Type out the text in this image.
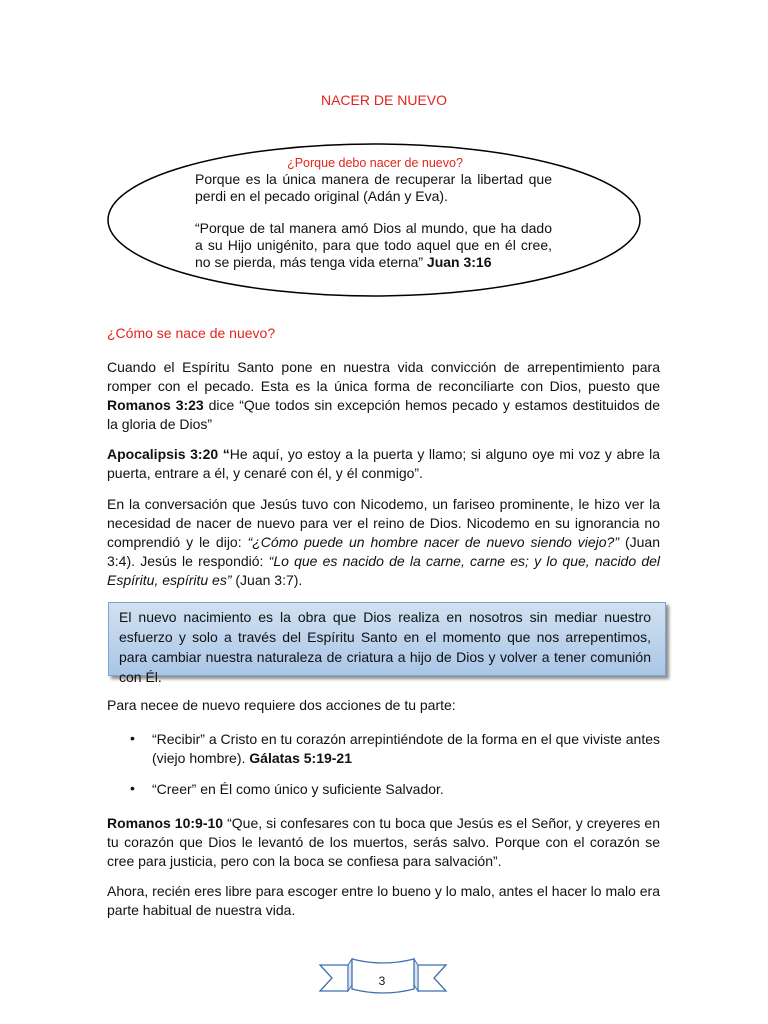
NACER DE NUEVO
¿Porque debo nacer de nuevo?
Porque es la única manera de recuperar la libertad que perdi en el pecado original (Adán y Eva).
“Porque de tal manera amó Dios al mundo, que ha dado a su Hijo unigénito, para que todo aquel que en él cree, no se pierda, más tenga vida eterna” Juan 3:16
¿Cómo se nace de nuevo?
Cuando el Espíritu Santo pone en nuestra vida convicción de arrepentimiento para romper con el pecado. Esta es la única forma de reconciliarte con Dios, puesto que Romanos 3:23 dice “Que todos sin excepción hemos pecado y estamos destituidos de la gloria de Dios”
Apocalipsis 3:20 “He aquí, yo estoy a la puerta y llamo; si alguno oye mi voz y abre la puerta, entrare a él, y cenaré con él, y él conmigo”.
En la conversación que Jesús tuvo con Nicodemo, un fariseo prominente, le hizo ver la necesidad de nacer de nuevo para ver el reino de Dios. Nicodemo en su ignorancia no comprendió y le dijo: “¿Cómo puede un hombre nacer de nuevo siendo viejo?” (Juan 3:4). Jesús le respondió: “Lo que es nacido de la carne, carne es; y lo que, nacido del Espíritu, espíritu es” (Juan 3:7).
El nuevo nacimiento es la obra que Dios realiza en nosotros sin mediar nuestro esfuerzo y solo a través del Espíritu Santo en el momento que nos arrepentimos, para cambiar nuestra naturaleza de criatura a hijo de Dios y volver a tener comunión con Él.
Para necee de nuevo requiere dos acciones de tu parte:
• “Recibir” a Cristo en tu corazón arrepintiéndote de la forma en el que viviste antes (viejo hombre). Gálatas 5:19-21
• “Creer” en Él como único y suficiente Salvador.
Romanos 10:9-10 “Que, si confesares con tu boca que Jesús es el Señor, y creyeres en tu corazón que Dios le levantó de los muertos, serás salvo. Porque con el corazón se cree para justicia, pero con la boca se confiesa para salvación”.
Ahora, recién eres libre para escoger entre lo bueno y lo malo, antes el hacer lo malo era parte habitual de nuestra vida.
3
